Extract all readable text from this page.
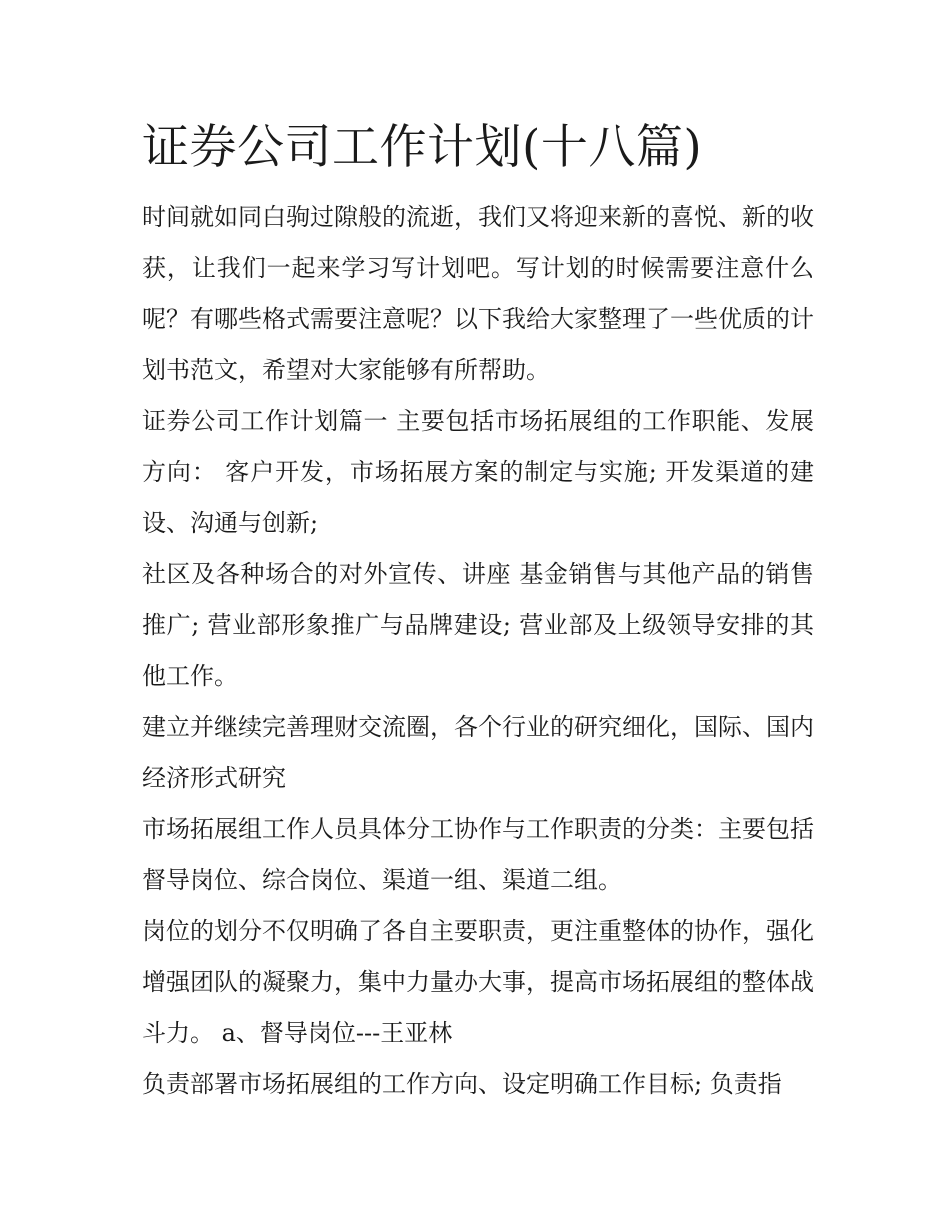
证券公司工作计划(十八篇)

时间就如同白驹过隙般的流逝，我们又将迎来新的喜悦、新的收获，让我们一起来学习写计划吧。写计划的时候需要注意什么呢？有哪些格式需要注意呢？以下我给大家整理了一些优质的计划书范文，希望对大家能够有所帮助。

证券公司工作计划篇一 主要包括市场拓展组的工作职能、发展方向： 客户开发，市场拓展方案的制定与实施; 开发渠道的建设、沟通与创新;

社区及各种场合的对外宣传、讲座 基金销售与其他产品的销售推广; 营业部形象推广与品牌建设; 营业部及上级领导安排的其他工作。

建立并继续完善理财交流圈，各个行业的研究细化，国际、国内经济形式研究

市场拓展组工作人员具体分工协作与工作职责的分类：主要包括督导岗位、综合岗位、渠道一组、渠道二组。

岗位的划分不仅明确了各自主要职责，更注重整体的协作，强化增强团队的凝聚力，集中力量办大事，提高市场拓展组的整体战斗力。 a、督导岗位---王亚林

负责部署市场拓展组的工作方向、设定明确工作目标; 负责指
